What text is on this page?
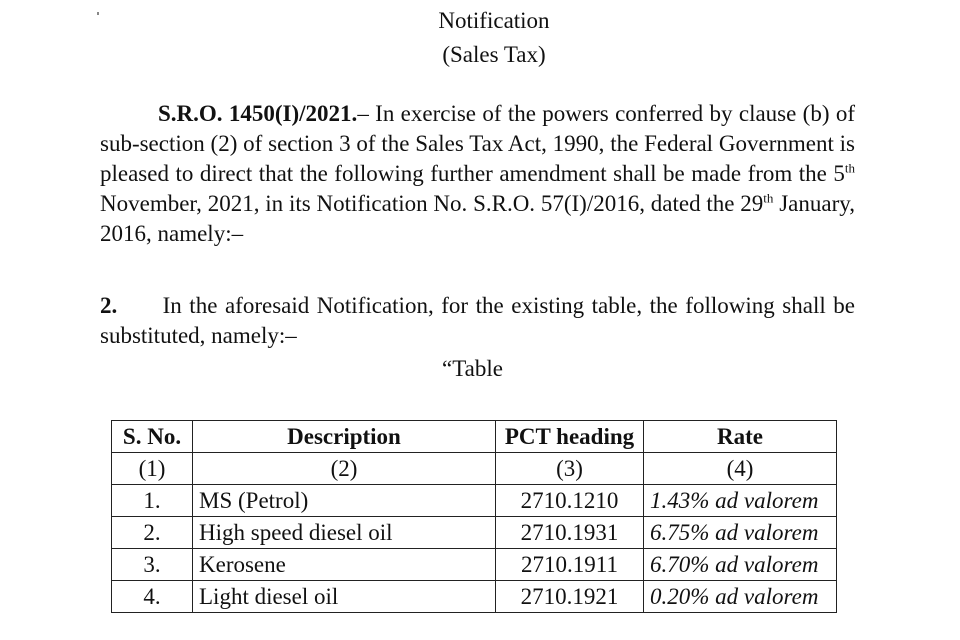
Notification
(Sales Tax)
S.R.O. 1450(I)/2021.– In exercise of the powers conferred by clause (b) of sub-section (2) of section 3 of the Sales Tax Act, 1990, the Federal Government is pleased to direct that the following further amendment shall be made from the 5th November, 2021, in its Notification No. S.R.O. 57(I)/2016, dated the 29th January, 2016, namely:–
2. In the aforesaid Notification, for the existing table, the following shall be substituted, namely:–
“Table
S. No.	Description	PCT heading	Rate
(1)	(2)	(3)	(4)
1.	MS (Petrol)	2710.1210	1.43% ad valorem
2.	High speed diesel oil	2710.1931	6.75% ad valorem
3.	Kerosene	2710.1911	6.70% ad valorem
4.	Light diesel oil	2710.1921	0.20% ad valorem
